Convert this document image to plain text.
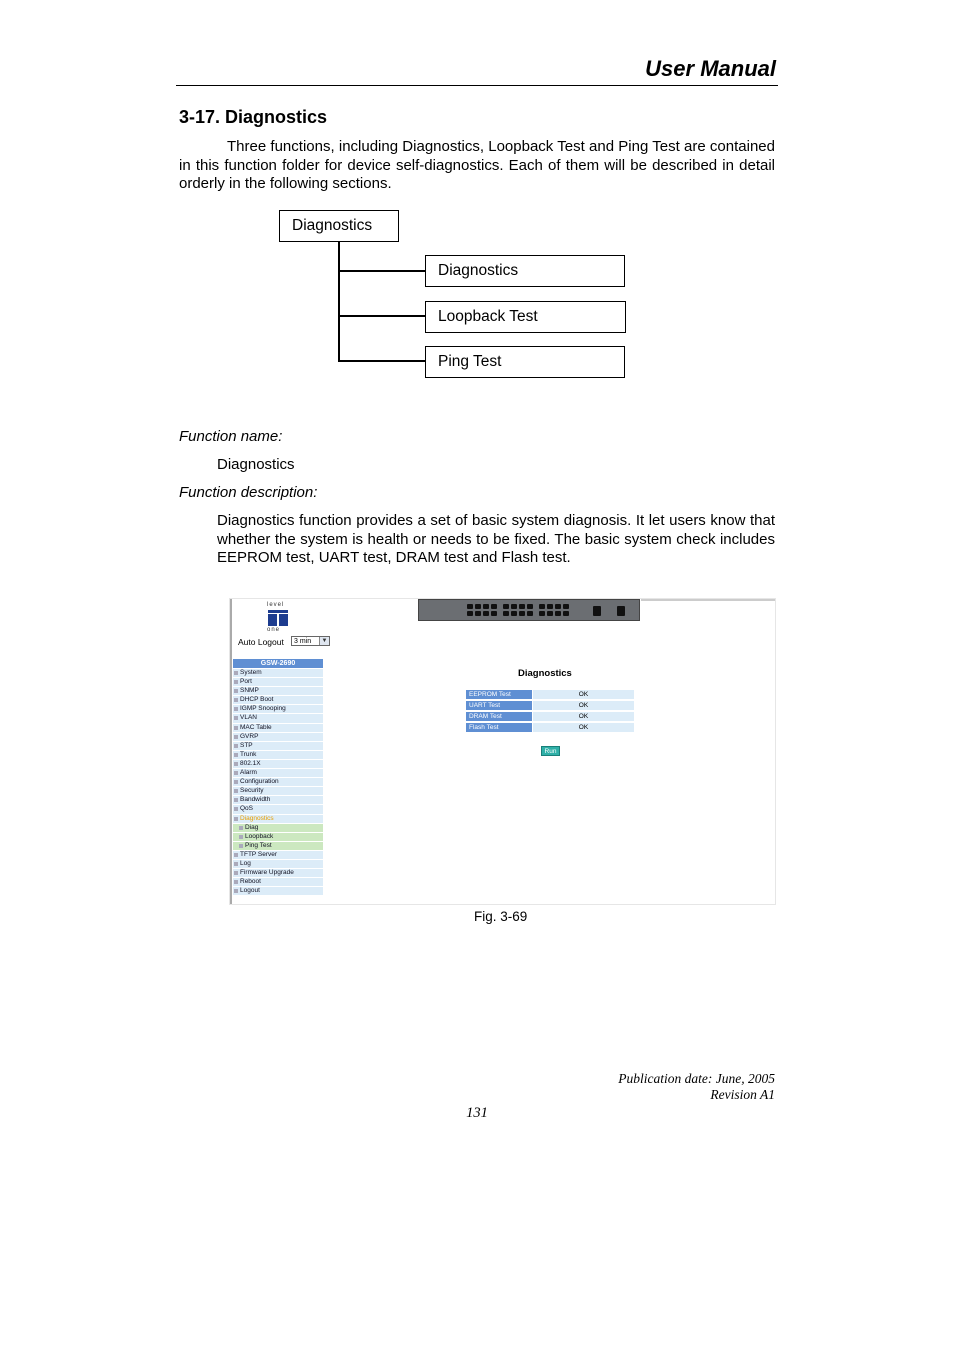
User Manual
3-17. Diagnostics
Three functions, including Diagnostics, Loopback Test and Ping Test are contained in this function folder for device self-diagnostics. Each of them will be described in detail orderly in the following sections.
Diagnostics
Diagnostics
Loopback Test
Ping Test
Function name:
Diagnostics
Function description:
Diagnostics function provides a set of basic system diagnosis. It let users know that whether the system is health or needs to be fixed. The basic system check includes EEPROM test, UART test, DRAM test and Flash test.
level
one
Auto Logout	3 min	▼
GSW-2690
System
Port
SNMP
DHCP Boot
IGMP Snooping
VLAN
MAC Table
GVRP
STP
Trunk
802.1X
Alarm
Configuration
Security
Bandwidth
QoS
Diagnostics
Diag
Loopback
Ping Test
TFTP Server
Log
Firmware Upgrade
Reboot
Logout
Diagnostics
EEPROM Test	OK
UART Test	OK
DRAM Test	OK
Flash Test	OK
Run
Fig. 3-69
Publication date: June, 2005
Revision A1
131
